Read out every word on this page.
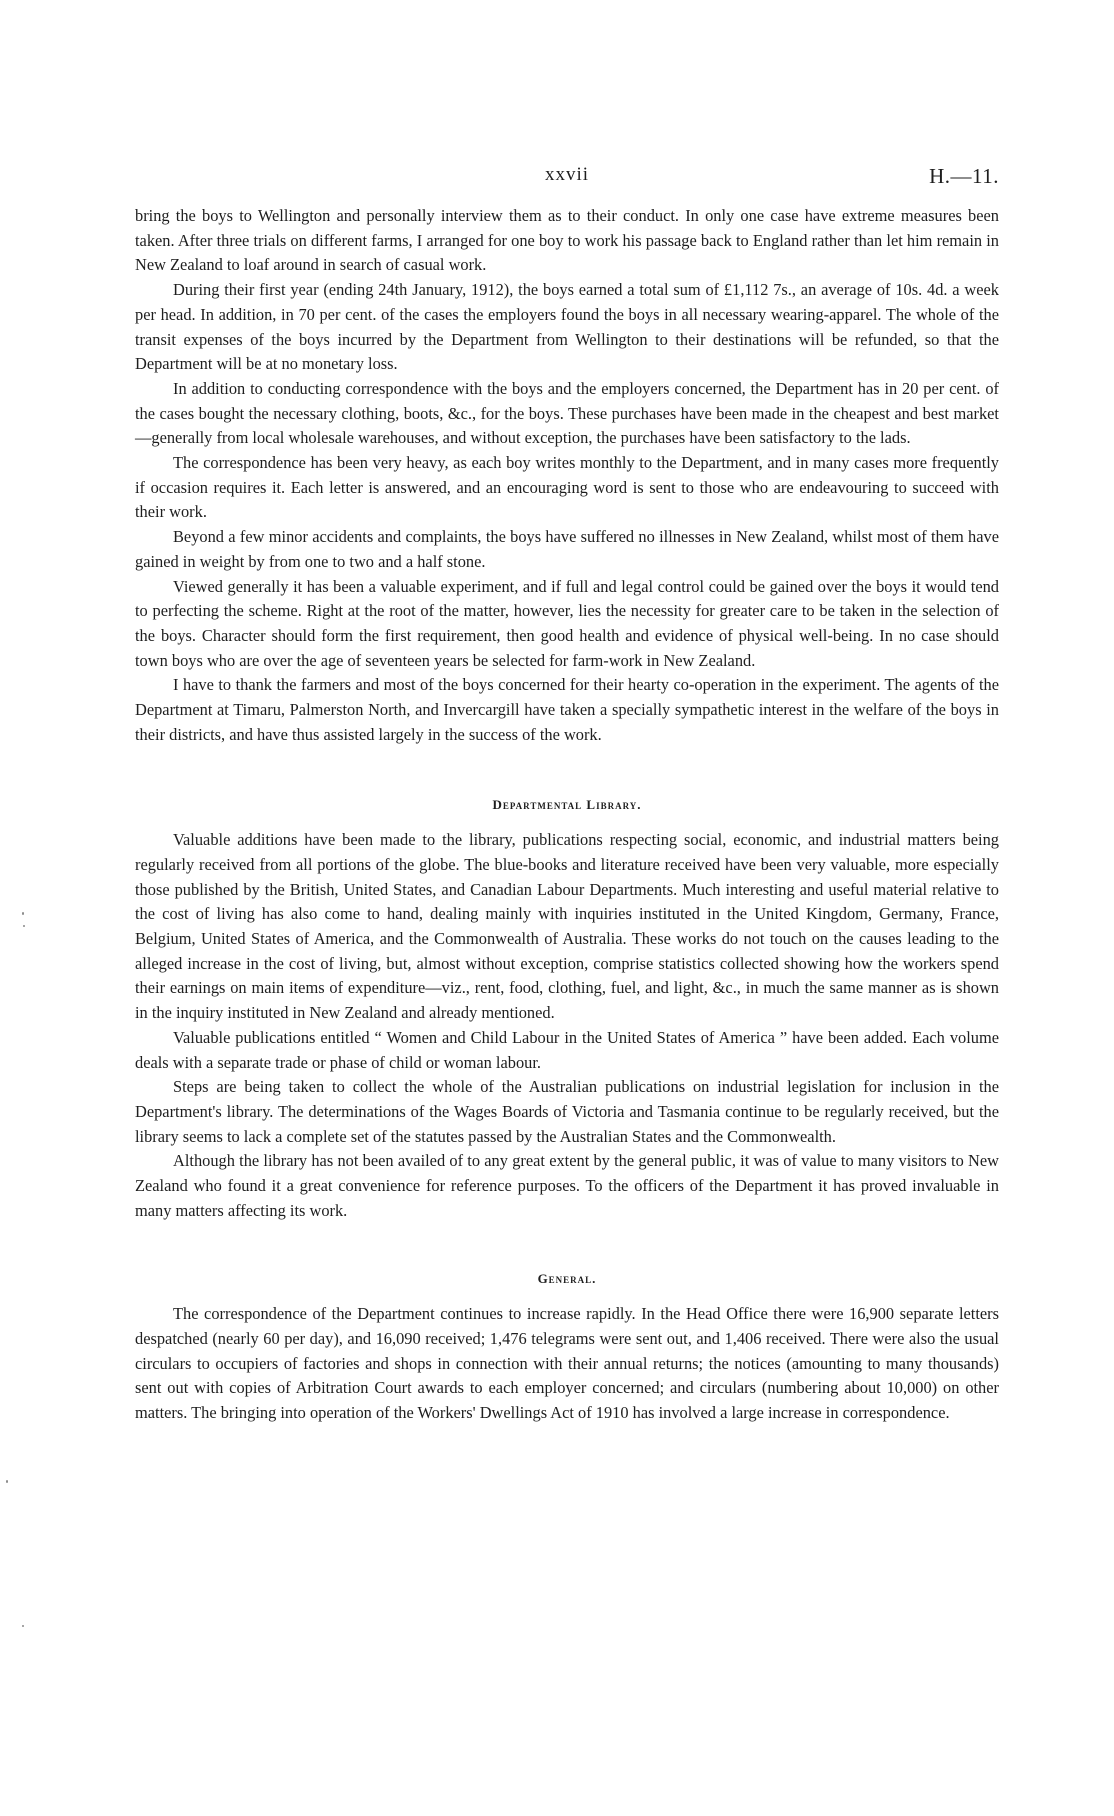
xxvii	H.—11.

bring the boys to Wellington and personally interview them as to their conduct. In only one case have extreme measures been taken. After three trials on different farms, I arranged for one boy to work his passage back to England rather than let him remain in New Zealand to loaf around in search of casual work.

During their first year (ending 24th January, 1912), the boys earned a total sum of £1,112 7s., an average of 10s. 4d. a week per head. In addition, in 70 per cent. of the cases the employers found the boys in all necessary wearing-apparel. The whole of the transit expenses of the boys incurred by the Department from Wellington to their destinations will be refunded, so that the Department will be at no monetary loss.

In addition to conducting correspondence with the boys and the employers concerned, the Department has in 20 per cent. of the cases bought the necessary clothing, boots, &c., for the boys. These purchases have been made in the cheapest and best market—generally from local wholesale warehouses, and without exception, the purchases have been satisfactory to the lads.

The correspondence has been very heavy, as each boy writes monthly to the Department, and in many cases more frequently if occasion requires it. Each letter is answered, and an encouraging word is sent to those who are endeavouring to succeed with their work.

Beyond a few minor accidents and complaints, the boys have suffered no illnesses in New Zealand, whilst most of them have gained in weight by from one to two and a half stone.

Viewed generally it has been a valuable experiment, and if full and legal control could be gained over the boys it would tend to perfecting the scheme. Right at the root of the matter, however, lies the necessity for greater care to be taken in the selection of the boys. Character should form the first requirement, then good health and evidence of physical well-being. In no case should town boys who are over the age of seventeen years be selected for farm-work in New Zealand.

I have to thank the farmers and most of the boys concerned for their hearty co-operation in the experiment. The agents of the Department at Timaru, Palmerston North, and Invercargill have taken a specially sympathetic interest in the welfare of the boys in their districts, and have thus assisted largely in the success of the work.

Departmental Library.

Valuable additions have been made to the library, publications respecting social, economic, and industrial matters being regularly received from all portions of the globe. The blue-books and literature received have been very valuable, more especially those published by the British, United States, and Canadian Labour Departments. Much interesting and useful material relative to the cost of living has also come to hand, dealing mainly with inquiries instituted in the United Kingdom, Germany, France, Belgium, United States of America, and the Commonwealth of Australia. These works do not touch on the causes leading to the alleged increase in the cost of living, but, almost without exception, comprise statistics collected showing how the workers spend their earnings on main items of expenditure—viz., rent, food, clothing, fuel, and light, &c., in much the same manner as is shown in the inquiry instituted in New Zealand and already mentioned.

Valuable publications entitled “ Women and Child Labour in the United States of America ” have been added. Each volume deals with a separate trade or phase of child or woman labour.

Steps are being taken to collect the whole of the Australian publications on industrial legislation for inclusion in the Department's library. The determinations of the Wages Boards of Victoria and Tasmania continue to be regularly received, but the library seems to lack a complete set of the statutes passed by the Australian States and the Commonwealth.

Although the library has not been availed of to any great extent by the general public, it was of value to many visitors to New Zealand who found it a great convenience for reference purposes. To the officers of the Department it has proved invaluable in many matters affecting its work.

General.

The correspondence of the Department continues to increase rapidly. In the Head Office there were 16,900 separate letters despatched (nearly 60 per day), and 16,090 received; 1,476 telegrams were sent out, and 1,406 received. There were also the usual circulars to occupiers of factories and shops in connection with their annual returns; the notices (amounting to many thousands) sent out with copies of Arbitration Court awards to each employer concerned; and circulars (numbering about 10,000) on other matters. The bringing into operation of the Workers' Dwellings Act of 1910 has involved a large increase in correspondence.
